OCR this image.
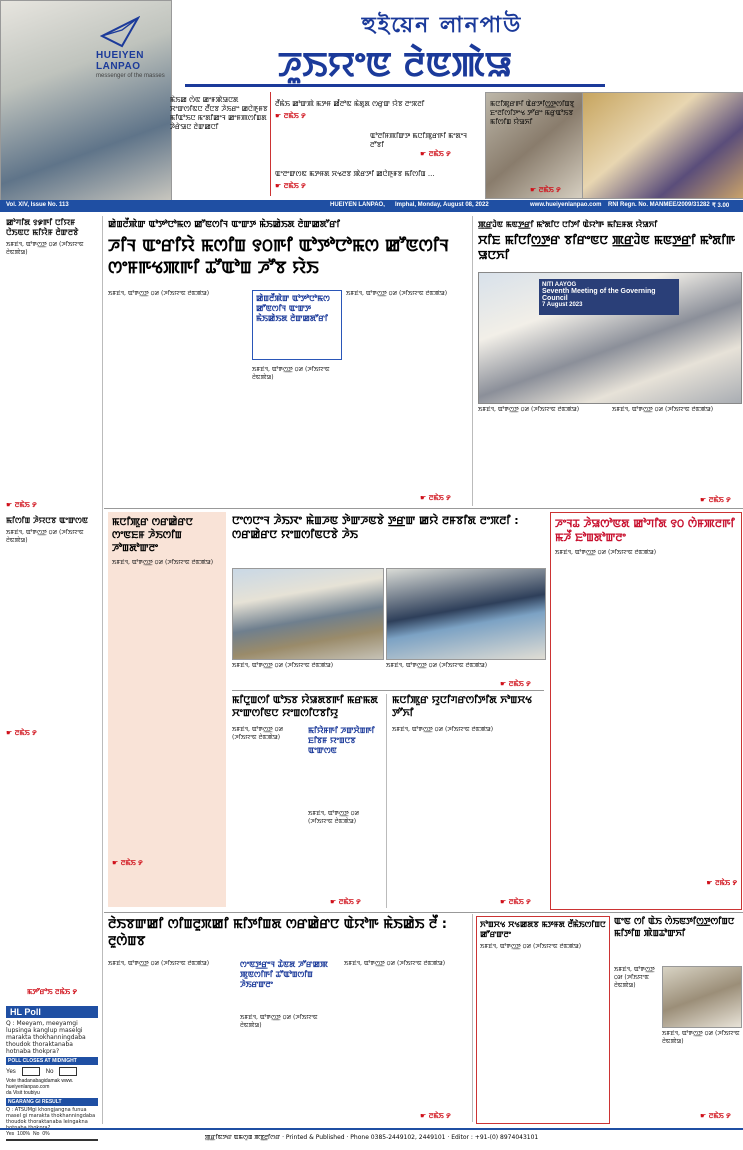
HUEIYEN
LANPAO
messenger of the masses
হুইয়েন লানপাউ
ꯍꯨꯏꯌꯦꯟ ꯂꯥꯟꯄꯥꯎ
ꯃꯥꯏꯀ ꯁꯥꯟ ꯀꯦꯝꯄꯥꯎꯅꯗ ꯆꯦꯛꯁꯤꯟꯅ ꯂꯩꯅꯕ ꯍꯥꯏꯔꯦ ꯀꯅꯥꯒꯨꯝꯕ ꯃꯤꯑꯣꯏꯅ ꯃꯦꯗꯤꯀꯦꯜ ꯀꯦꯝꯄꯁꯤꯡꯗ ꯍꯥꯔꯥꯎꯅ ꯂꯥꯛꯀꯅꯤ
ꯂꯩꯃꯥꯏ ꯀꯣꯛꯄꯥ ꯃꯇꯝ ꯀꯪꯂꯣꯟ ꯃꯥꯗꯨꯗ ꯁꯔꯨꯛ ꯌꯥꯕ ꯂꯦꯞꯂꯤ
☛ ꯂꯃꯥꯏ ꯸
ꯑꯣꯂꯤꯝꯄꯤꯛꯇ ꯃꯅꯤꯄꯨꯔꯒꯤ ꯃꯦꯗꯦꯜ ꯂꯧꯕꯤ
☛ ꯂꯃꯥꯏ ꯸
ꯑꯦꯂꯦꯛꯁꯟ ꯃꯇꯝꯗ ꯆꯠꯂꯕ ꯄꯥꯔꯇꯤ ꯀꯅꯥꯒꯨꯝꯕ ꯃꯤꯁꯤꯡ ...
☛ ꯂꯃꯥꯏ ꯸
ꯃꯅꯤꯄꯨꯔꯒꯤ ꯑꯥꯔꯇꯤꯁ꯭ꯇꯁꯤꯡꯕꯨ ꯐꯦꯂꯤꯁꯤꯇꯦꯠ ꯇꯧꯔꯦ ꯃꯔꯨꯑꯣꯏꯕ ꯃꯤꯁꯤꯡ ꯌꯥꯎꯈꯤ
☛ ꯂꯃꯥꯏ ꯸
Vol. XIV, Issue No. 113	HUEIYEN LANPAO, Imphal, Monday, August 08, 2022	www.hueiyenlanpao.com RNI Regn. No. MANMEE/2009/31282 ₹ 3.00
ꯀꯣꯚꯤꯗ ꯱꯹ꯒꯤ ꯅꯤꯌꯝ ꯅꯥꯏꯟꯅ ꯃꯤꯌꯥꯝ ꯂꯥꯛꯂꯕꯥ
ꯏꯝꯐꯥꯜ, ꯑꯣꯒꯁ꯭ꯇ ꯰꯷ (ꯍꯤꯏꯌꯦꯟ ꯂꯥꯟꯄꯥꯎ)
☛ ꯂꯃꯥꯏ ꯸
ꯃꯤꯁꯤꯡ ꯍꯥꯌꯅꯕ ꯑꯦꯛꯁꯟ
ꯏꯝꯐꯥꯜ, ꯑꯣꯒꯁ꯭ꯇ ꯰꯷ (ꯍꯤꯏꯌꯦꯟ ꯂꯥꯟꯄꯥꯎ)
☛ ꯂꯃꯥꯏ ꯸
ꯃꯇꯧꯔꯣꯏ ꯂꯃꯥꯏ ꯸
HL Poll
Q : Meeyam, meeyamgi lupsinga kanglup maselgi marakta thokhanningdaba thoudok thoraktanaba hotnaba thokpra?
POLL CLOSES AT MIDNIGHT
Yes	No
Vote thadanabagidamak www.
hueiyenlanpao.com
da Visit toubiyu
NGARANG GI RESULT
Q : ATSUMgi khongjangna funua masel gi marakta thokhanningdaba thoudok thoraktanaba leingakna hotnaba thokpra?
Yes 100% No 0%
ꯀꯥꯡꯂꯩꯄꯥꯛ ꯑꯣꯇꯣꯅꯣꯃꯁ ꯀꯧꯟꯁꯤꯜ ꯑꯦꯛꯇ ꯃꯥꯏꯀꯥꯏꯗ ꯂꯥꯛꯀꯗꯧꯔꯤ
ꯍꯤꯜ ꯑꯦꯔꯤꯌꯥ ꯃꯁꯤꯡ ꯱꯰ꯒꯤ ꯑꯣꯇꯣꯅꯣꯃꯁ ꯀꯧꯟꯁꯤꯜ ꯁꯦꯝꯒꯠꯄꯒꯤ ꯊꯧꯑꯣꯡ ꯍꯧꯕ ꯌꯥꯏ
ꯏꯝꯐꯥꯜ, ꯑꯣꯒꯁ꯭ꯇ ꯰꯷ (ꯍꯤꯏꯌꯦꯟ ꯂꯥꯟꯄꯥꯎ)
ꯀꯥꯡꯂꯩꯄꯥꯛ ꯑꯣꯇꯣꯅꯣꯃꯁ ꯀꯧꯟꯁꯤꯜ ꯑꯦꯛꯇ ꯃꯥꯏꯀꯥꯏꯗ ꯂꯥꯛꯀꯗꯧꯔꯤ
ꯏꯝꯐꯥꯜ, ꯑꯣꯒꯁ꯭ꯇ ꯰꯷ (ꯍꯤꯏꯌꯦꯟ ꯂꯥꯟꯄꯥꯎ)
ꯏꯝꯐꯥꯜ, ꯑꯣꯒꯁ꯭ꯇ ꯰꯷ (ꯍꯤꯏꯌꯦꯟ ꯂꯥꯟꯄꯥꯎ)
☛ ꯂꯃꯥꯏ ꯸
ꯄ꯭ꯔꯙꯥꯟ ꯃꯟꯇ꯭ꯔꯤ ꯃꯣꯗꯤꯅ ꯅꯤꯇꯤ ꯑꯥꯌꯣꯒ ꯃꯤꯐꯝꯗ ꯌꯥꯎꯈꯤ
ꯆꯤꯐ ꯃꯤꯅꯤꯁ꯭ꯇꯔ ꯕꯤꯔꯦꯟꯅ ꯄ꯭ꯔꯙꯥꯟ ꯃꯟꯇ꯭ꯔꯤ ꯃꯣꯗꯤꯒ ꯎꯅꯈꯤ
NITI AAYOG
Seventh Meeting of the Governing Council
7 August 2023
ꯏꯝꯐꯥꯜ, ꯑꯣꯒꯁ꯭ꯇ ꯰꯷ (ꯍꯤꯏꯌꯦꯟ ꯂꯥꯟꯄꯥꯎ)	ꯏꯝꯐꯥꯜ, ꯑꯣꯒꯁ꯭ꯇ ꯰꯷ (ꯍꯤꯏꯌꯦꯟ ꯂꯥꯟꯄꯥꯎ)
☛ ꯂꯃꯥꯏ ꯸
ꯃꯅꯤꯄꯨꯔ ꯁꯔꯀꯥꯔꯅ ꯁꯦꯟꯐꯝ ꯍꯥꯏꯁꯤꯡ ꯍꯣꯡꯗꯣꯛꯂꯦ
ꯏꯝꯐꯥꯜ, ꯑꯣꯒꯁ꯭ꯇ ꯰꯷ (ꯍꯤꯏꯌꯦꯟ ꯂꯥꯟꯄꯥꯎ)
☛ ꯂꯃꯥꯏ ꯸
ꯅꯦꯁꯅꯦꯜ ꯍꯥꯏꯋꯦ ꯃꯥꯡꯍꯟ ꯇꯥꯛꯍꯟꯕꯥ ꯇ꯭ꯔꯛ ꯀꯌꯥ ꯂꯝꯕꯤꯗ ꯂꯦꯞꯂꯤ : ꯁꯔꯀꯥꯔꯅ ꯌꯦꯡꯁꯤꯟꯅꯕꯥ ꯍꯥꯏ
ꯏꯝꯐꯥꯜ, ꯑꯣꯒꯁ꯭ꯇ ꯰꯷ (ꯍꯤꯏꯌꯦꯟ ꯂꯥꯟꯄꯥꯎ)	ꯏꯝꯐꯥꯜ, ꯑꯣꯒꯁ꯭ꯇ ꯰꯷ (ꯍꯤꯏꯌꯦꯟ ꯂꯥꯟꯄꯥꯎ)
☛ ꯂꯃꯥꯏ ꯸
ꯃꯤꯅꯨꯡꯁꯤ ꯑꯣꯏꯕ ꯌꯥꯎꯗꯕꯒꯤ ꯃꯔꯃꯗ ꯆꯦꯛꯁꯤꯟꯅ ꯌꯦꯡꯁꯤꯅꯕꯤꯌꯨ
ꯏꯝꯐꯥꯜ, ꯑꯣꯒꯁ꯭ꯇ ꯰꯷ (ꯍꯤꯏꯌꯦꯟ ꯂꯥꯟꯄꯥꯎ)
ꯃꯤꯌꯥꯝꯒꯤ ꯍꯛꯆꯥꯡꯒꯤ ꯐꯤꯕꯝ ꯌꯦꯡꯅꯕ ꯑꯦꯛꯁꯟ
ꯏꯝꯐꯥꯜ, ꯑꯣꯒꯁ꯭ꯇ ꯰꯷ (ꯍꯤꯏꯌꯦꯟ ꯂꯥꯟꯄꯥꯎ)
☛ ꯂꯃꯥꯏ ꯸
ꯃꯅꯤꯄꯨꯔ ꯌꯨꯅꯤꯚꯔꯁꯤꯇꯤꯗ ꯈꯣꯡꯆꯠ ꯇꯧꯈꯤ
ꯏꯝꯐꯥꯜ, ꯑꯣꯒꯁ꯭ꯇ ꯰꯷ (ꯍꯤꯏꯌꯦꯟ ꯂꯥꯟꯄꯥꯎ)
☛ ꯂꯃꯥꯏ ꯸
ꯍꯦꯜꯊ ꯍꯥꯎꯁꯣꯟꯗ ꯀꯣꯚꯤꯗ ꯱꯰ ꯁꯥꯝꯄꯂꯒꯤ ꯃꯍꯩ ꯐꯣꯡꯗꯣꯛꯂꯦ
ꯏꯝꯐꯥꯜ, ꯑꯣꯒꯁ꯭ꯇ ꯰꯷ (ꯍꯤꯏꯌꯦꯟ ꯂꯥꯟꯄꯥꯎ)
☛ ꯂꯃꯥꯏ ꯸
ꯂꯥꯏꯕꯛꯀꯤ ꯁꯤꯡꯂꯨꯞꯀꯤ ꯃꯤꯇꯤꯡꯗ ꯁꯔꯀꯥꯔꯅ ꯑꯥꯌꯣꯒ ꯃꯥꯏꯀꯥꯏ ꯂꯩ : ꯂꯨꯁꯥꯡꯕ
ꯏꯝꯐꯥꯜ, ꯑꯣꯒꯁ꯭ꯇ ꯰꯷ (ꯍꯤꯏꯌꯦꯟ ꯂꯥꯟꯄꯥꯎ)	ꯁꯦꯟꯇ꯭ꯔꯦꯜ ꯊꯥꯟꯗ ꯍꯧꯔꯀꯄ ꯄꯨꯟꯁꯤꯒꯤ ꯊꯧꯑꯣꯡꯁꯤꯡ ꯍꯥꯏꯔꯛꯂꯦ
ꯏꯝꯐꯥꯜ, ꯑꯣꯒꯁ꯭ꯇ ꯰꯷ (ꯍꯤꯏꯌꯦꯟ ꯂꯥꯟꯄꯥꯎ)
ꯏꯝꯐꯥꯜ, ꯑꯣꯒꯁ꯭ꯇ ꯰꯷ (ꯍꯤꯏꯌꯦꯟ ꯂꯥꯟꯄꯥꯎ)
☛ ꯂꯃꯥꯏ ꯸
ꯈꯣꯡꯆꯠ ꯆꯠꯀꯗꯕ ꯃꯇꯝꯗ ꯂꯩꯃꯥꯏꯁꯤꯡꯅ ꯀꯧꯔꯛꯂꯦ
ꯏꯝꯐꯥꯜ, ꯑꯣꯒꯁ꯭ꯇ ꯰꯷ (ꯍꯤꯏꯌꯦꯟ ꯂꯥꯟꯄꯥꯎ)
ꯑꯦꯟ ꯁꯤ ꯑꯥꯏ ꯁꯥꯏꯟꯇꯤꯁ꯭ꯇꯁꯤꯡꯅ ꯃꯤꯇꯤꯡ ꯄꯥꯡꯊꯣꯛꯈꯤ
ꯏꯝꯐꯥꯜ, ꯑꯣꯒꯁ꯭ꯇ ꯰꯷ (ꯍꯤꯏꯌꯦꯟ ꯂꯥꯟꯄꯥꯎ)
ꯏꯝꯐꯥꯜ, ꯑꯣꯒꯁ꯭ꯇ ꯰꯷ (ꯍꯤꯏꯌꯦꯟ ꯂꯥꯟꯄꯥꯎ)
☛ ꯂꯃꯥꯏ ꯸
ꯄ꯭ꯔꯤꯟꯇꯔ ꯑꯃꯁꯨꯡ ꯄꯕ꯭ꯂꯤꯁꯔ · Printed & Published · Phone 0385-2449102, 2449101 · Editor : +91-(0) 8974043101
